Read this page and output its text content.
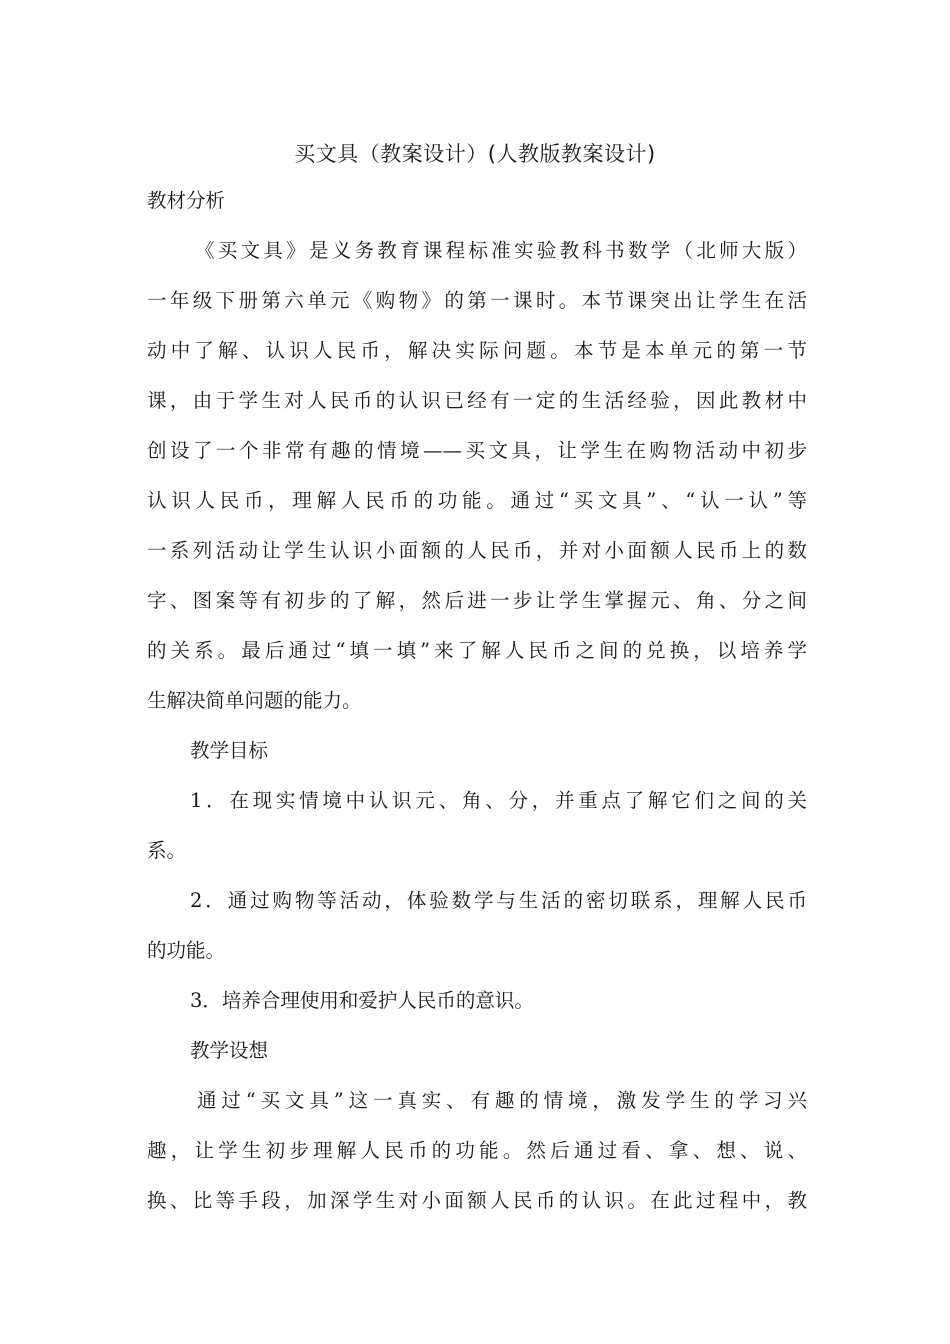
买文具（教案设计）(人教版教案设计)
教材分析
《买文具》是义务教育课程标准实验教科书数学（北师大版）
一年级下册第六单元《购物》的第一课时。本节课突出让学生在活
动中了解、认识人民币，解决实际问题。本节是本单元的第一节
课，由于学生对人民币的认识已经有一定的生活经验，因此教材中
创设了一个非常有趣的情境——买文具，让学生在购物活动中初步
认识人民币，理解人民币的功能。通过“买文具”、“认一认”等
一系列活动让学生认识小面额的人民币，并对小面额人民币上的数
字、图案等有初步的了解，然后进一步让学生掌握元、角、分之间
的关系。最后通过“填一填”来了解人民币之间的兑换，以培养学
生解决简单问题的能力。
教学目标
1．在现实情境中认识元、角、分，并重点了解它们之间的关
系。
2．通过购物等活动，体验数学与生活的密切联系，理解人民币
的功能。
3．培养合理使用和爱护人民币的意识。
教学设想
通过“买文具”这一真实、有趣的情境，激发学生的学习兴
趣，让学生初步理解人民币的功能。然后通过看、拿、想、说、
换、比等手段，加深学生对小面额人民币的认识。在此过程中，教
